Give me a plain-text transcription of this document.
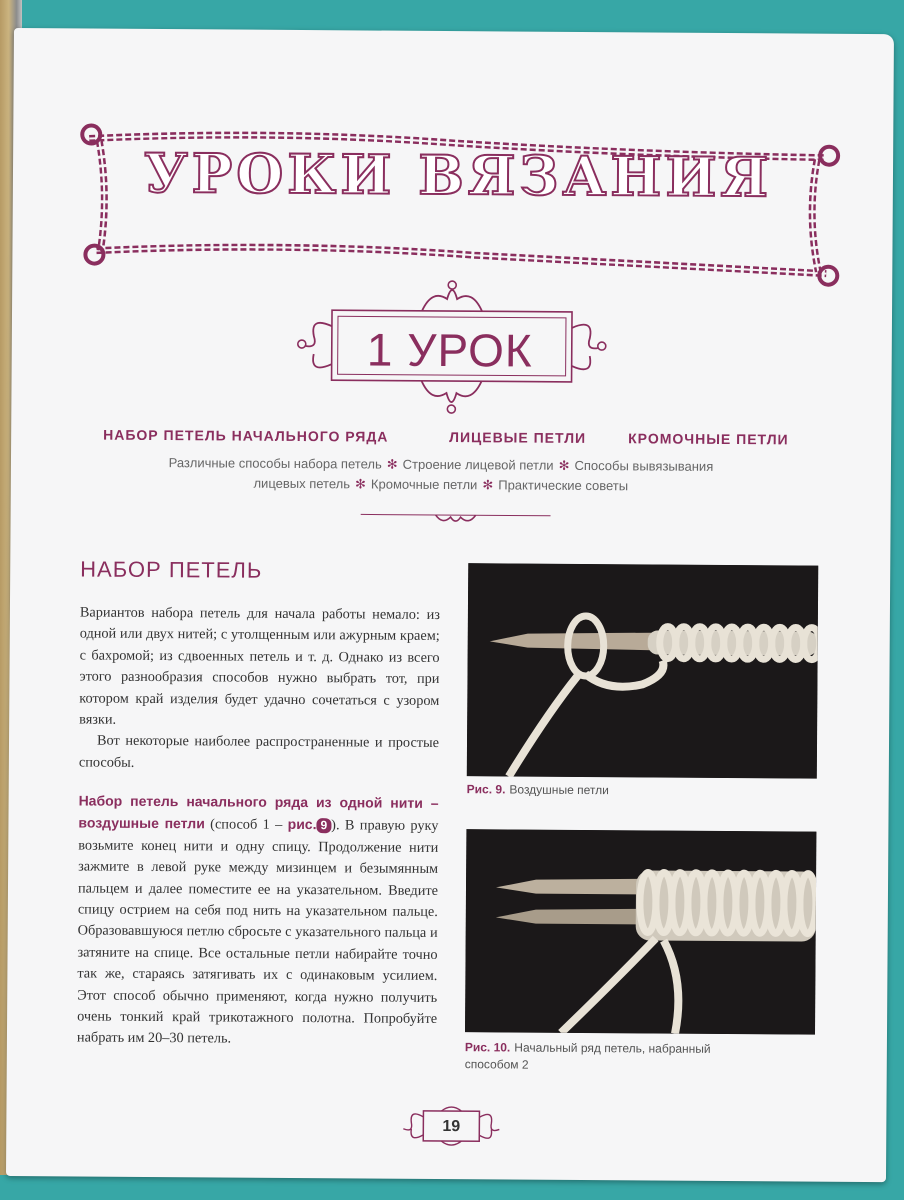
УРОКИ ВЯЗАНИЯ
1 УРОК
НАБОР ПЕТЕЛЬ НАЧАЛЬНОГО РЯДА	ЛИЦЕВЫЕ ПЕТЛИ	КРОМОЧНЫЕ ПЕТЛИ
Различные способы набора петель ✻ Строение лицевой петли ✻ Способы вывязывания
лицевых петель ✻ Кромочные петли ✻ Практические советы
НАБОР ПЕТЕЛЬ

Вариантов набора петель для начала работы немало: из одной или двух нитей; с утолщенным или ажурным краем; с бахромой; из сдвоенных петель и т. д. Однако из всего этого разнообразия способов нужно выбрать тот, при котором край изделия будет удачно сочетаться с узором вязки.

Вот некоторые наиболее распространенные и простые способы.

Набор петель начального ряда из одной нити – воздушные петли (способ 1 – рис. 9 ). В правую руку возьмите конец нити и одну спицу. Продолжение нити зажмите в левой руке между мизинцем и безымянным пальцем и далее поместите ее на указательном. Введите спицу острием на себя под нить на указательном пальце. Образовавшуюся петлю сбросьте с указательного пальца и затяните на спице. Все остальные петли набирайте точно так же, стараясь затягивать их с одинаковым усилием. Этот способ обычно применяют, когда нужно получить очень тонкий край трикотажного полотна. Попробуйте набрать им 20–30 петель.
Рис. 9. Воздушные петли
Рис. 10. Начальный ряд петель, набранный способом 2
19
